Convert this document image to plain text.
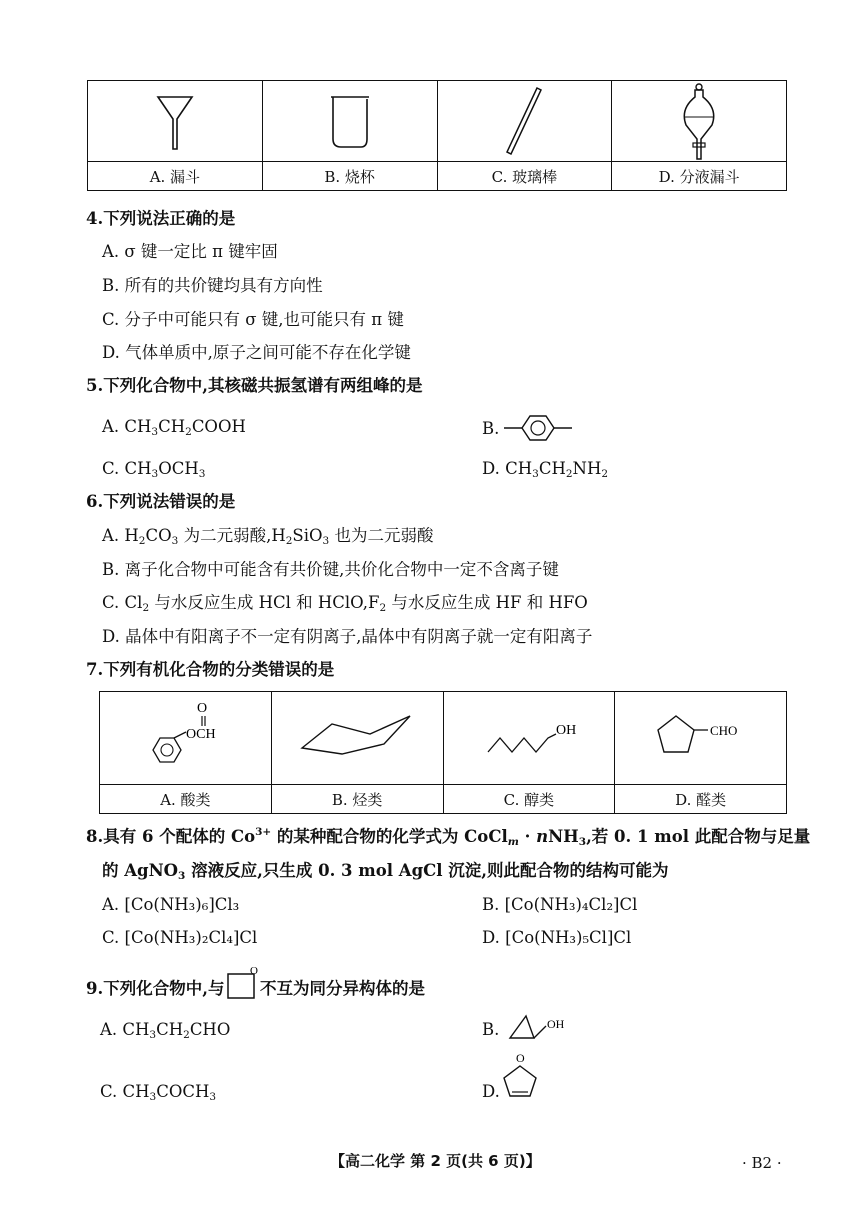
A. 漏斗	B. 烧杯	C. 玻璃棒	D. 分液漏斗
4.下列说法正确的是
A. σ 键一定比 π 键牢固
B. 所有的共价键均具有方向性
C. 分子中可能只有 σ 键,也可能只有 π 键
D. 气体单质中,原子之间可能不存在化学键
5.下列化合物中,其核磁共振氢谱有两组峰的是
A. $CH_3CH_2COOH$	B.
C. $CH_3OCH_3$	D. $CH_3CH_2NH_2$
6.下列说法错误的是
A. $H_2CO_3$ 为二元弱酸$,H_2SiO_3$ 也为二元弱酸
B. 离子化合物中可能含有共价键,共价化合物中一定不含离子键
C. $Cl_2$ 与水反应生成 HCl 和 $HClO,F_2$ 与水反应生成 HF 和 HFO
D. 晶体中有阳离子不一定有阴离子,晶体中有阴离子就一定有阳离子
7.下列有机化合物的分类错误的是
O
OCH		OH	CHO

A. 酸类	B. 烃类	C. 醇类	D. 醛类
8.具有 6 个配体的 $Co^{3+}$ 的某种配合物的化学式为 CoCl$_m$ · nNH$_3$,若 0. 1 mol 此配合物与足量
的 AgNO$_3$ 溶液反应,只生成 0. 3 mol AgCl 沉淀,则此配合物的结构可能为
A. [Co(NH₃)₆]Cl₃	B. [Co(NH₃)₄Cl₂]Cl
C. [Co(NH₃)₂Cl₄]Cl	D. [Co(NH₃)₅Cl]Cl
9.下列化合物中,与
O
不互为同分异构体的是
A. $CH_3CH_2CHO$	B.	OH
C. $CH_3COCH_3$	D.
O
【高二化学 第 2 页(共 6 页)】	· B2 ·
